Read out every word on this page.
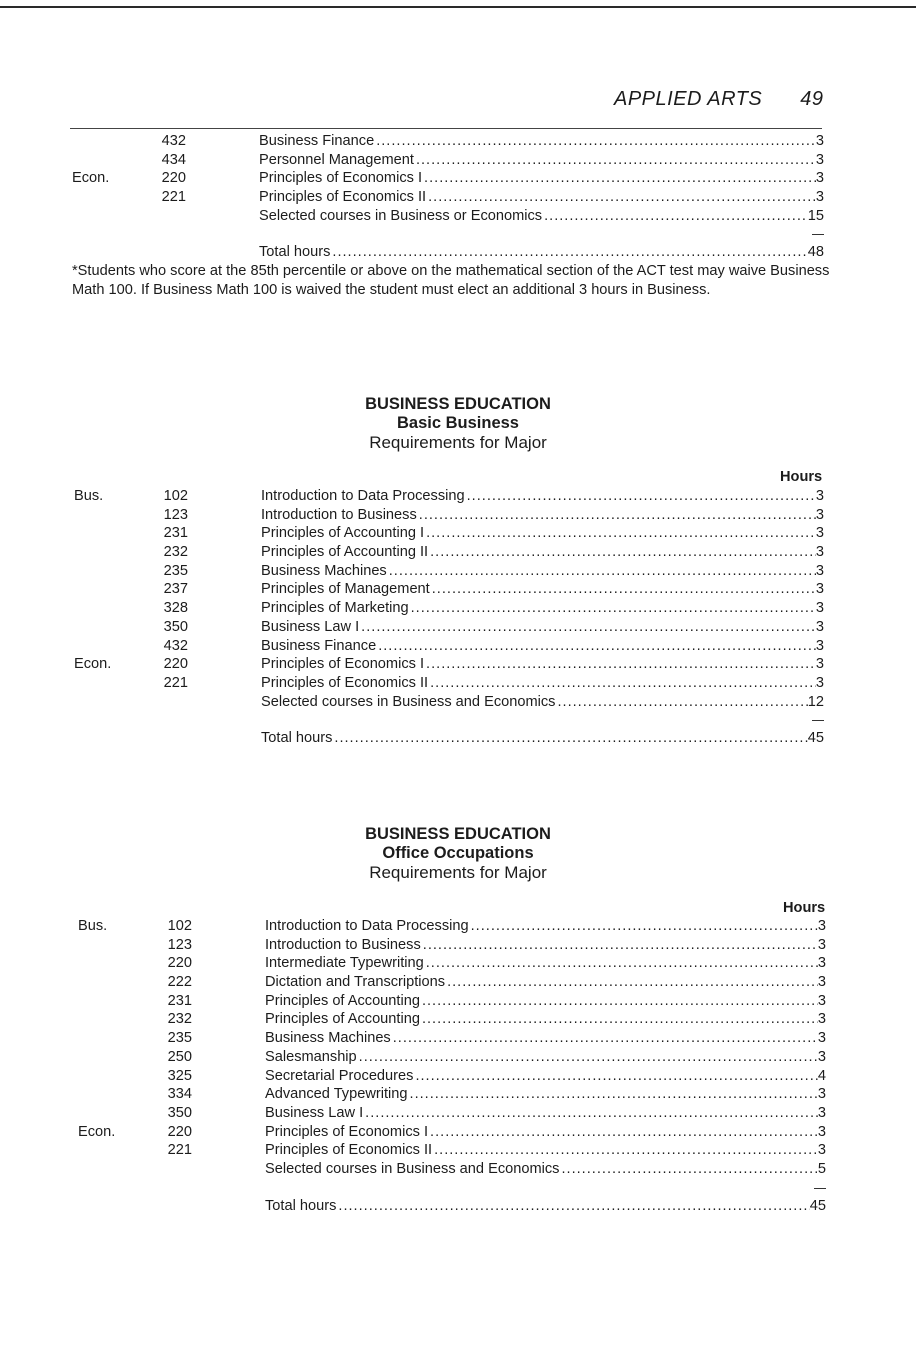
APPLIED ARTS 49
432	Business Finance .....	3
434	Personnel Management .....	3
Econ.	220	Principles of Economics I .....	3
221	Principles of Economics II .....	3
Selected courses in Business or Economics .....	15
Total hours .....	48
*Students who score at the 85th percentile or above on the mathematical section of the ACT test may waive Business Math 100. If Business Math 100 is waived the student must elect an additional 3 hours in Business.
BUSINESS EDUCATION
Basic Business
Requirements for Major
Hours
Bus.	102	Introduction to Data Processing .....	3
123	Introduction to Business .....	3
231	Principles of Accounting I .....	3
232	Principles of Accounting II .....	3
235	Business Machines .....	3
237	Principles of Management .....	3
328	Principles of Marketing .....	3
350	Business Law I .....	3
432	Business Finance .....	3
Econ.	220	Principles of Economics I .....	3
221	Principles of Economics II .....	3
Selected courses in Business and Economics .....	12
Total hours .....	45
BUSINESS EDUCATION
Office Occupations
Requirements for Major
Hours
Bus.	102	Introduction to Data Processing .....	3
123	Introduction to Business .....	3
220	Intermediate Typewriting .....	3
222	Dictation and Transcriptions .....	3
231	Principles of Accounting .....	3
232	Principles of Accounting .....	3
235	Business Machines .....	3
250	Salesmanship .....	3
325	Secretarial Procedures .....	4
334	Advanced Typewriting .....	3
350	Business Law I .....	3
Econ.	220	Principles of Economics I .....	3
221	Principles of Economics II .....	3
Selected courses in Business and Economics .....	5
Total hours .....	45
